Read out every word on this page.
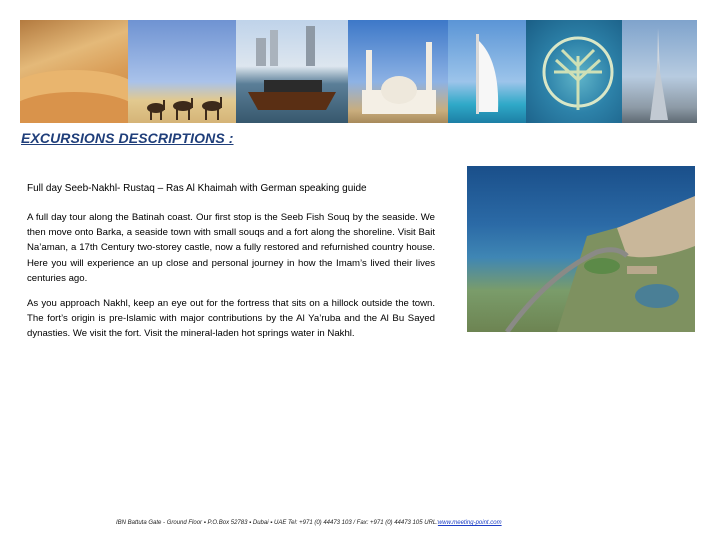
EXCURSIONS DESCRIPTIONS :
Full day Seeb-Nakhl- Rustaq – Ras Al Khaimah with German speaking guide

A full day tour along the Batinah coast. Our first stop is the Seeb Fish Souq by the seaside. We then move onto Barka, a seaside town with small souqs and a fort along the shoreline. Visit Bait Na’aman, a 17th Century two-storey castle, now a fully restored and refurnished country house. Here you will experience an up close and personal journey in how the Imam’s lived their lives centuries ago.

As you approach Nakhl, keep an eye out for the fortress that sits on a hillock outside the town. The fort’s origin is pre-Islamic with major contributions by the Al Ya’ruba and the Al Bu Sayed dynasties. We visit the fort. Visit the mineral-laden hot springs water in Nakhl.

IBN Battuta Gate - Ground Floor ▪ P.O.Box 52783 ▪ Dubai ▪ UAE Tel: +971 (0) 44473 103 / Fax: +971 (0) 44473 105 URL:www.meeting-point.com
